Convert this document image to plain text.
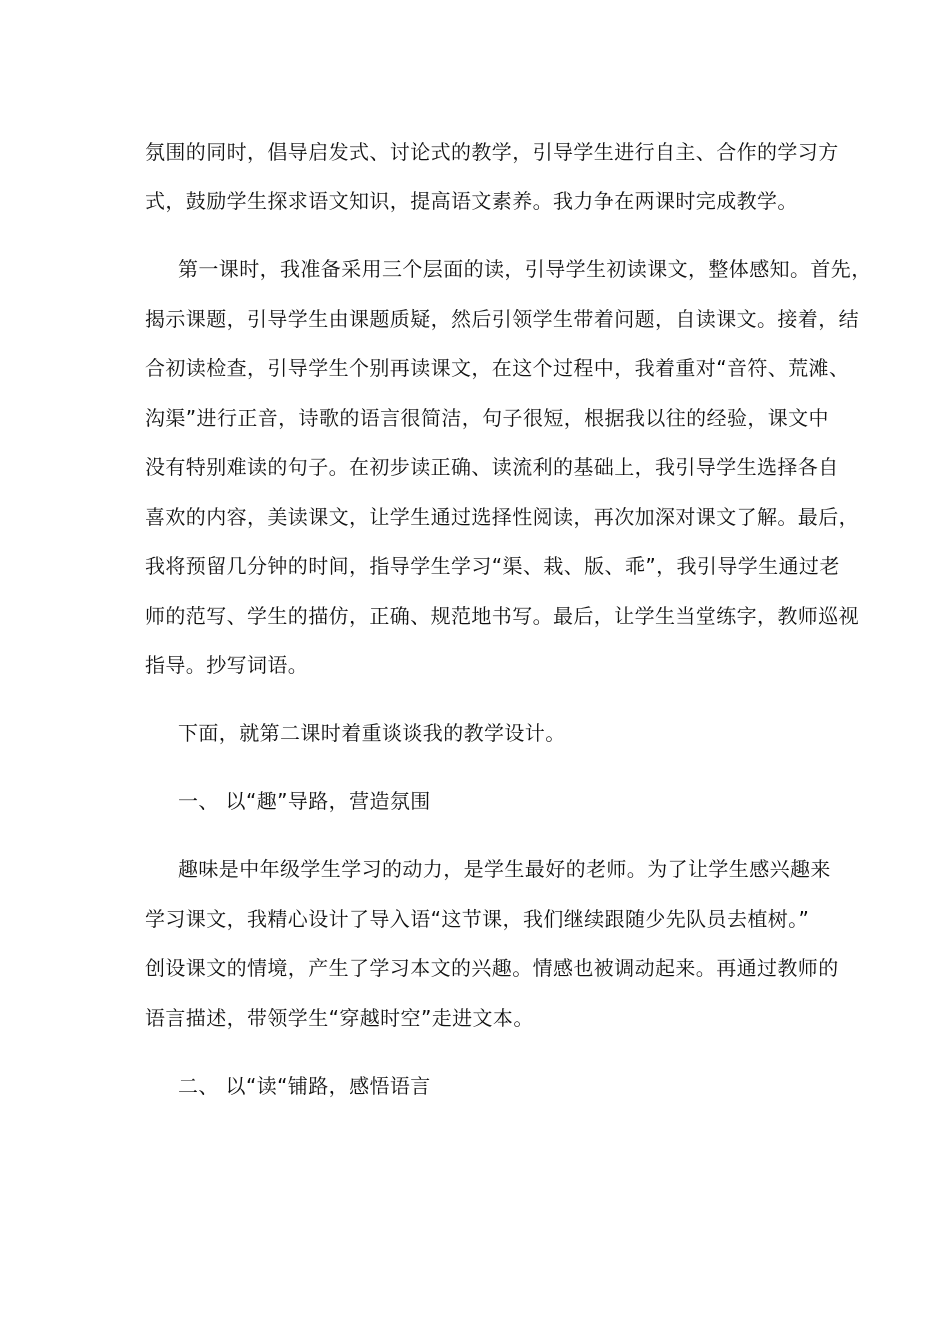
氛围的同时，倡导启发式、讨论式的教学，引导学生进行自主、合作的学习方
式，鼓励学生探求语文知识，提高语文素养。我力争在两课时完成教学。
第一课时，我准备采用三个层面的读，引导学生初读课文，整体感知。首先，
揭示课题，引导学生由课题质疑，然后引领学生带着问题，自读课文。接着，结
合初读检查，引导学生个别再读课文，在这个过程中，我着重对“音符、荒滩、
沟渠”进行正音，诗歌的语言很简洁，句子很短，根据我以往的经验，课文中
没有特别难读的句子。在初步读正确、读流利的基础上，我引导学生选择各自
喜欢的内容，美读课文，让学生通过选择性阅读，再次加深对课文了解。最后，
我将预留几分钟的时间，指导学生学习“渠、栽、版、乖”，我引导学生通过老
师的范写、学生的描仿，正确、规范地书写。最后，让学生当堂练字，教师巡视
指导。抄写词语。
下面，就第二课时着重谈谈我的教学设计。
一、 以“趣”导路，营造氛围
趣味是中年级学生学习的动力，是学生最好的老师。为了让学生感兴趣来
学习课文，我精心设计了导入语“这节课，我们继续跟随少先队员去植树。”
创设课文的情境，产生了学习本文的兴趣。情感也被调动起来。再通过教师的
语言描述，带领学生“穿越时空”走进文本。
二、 以“读“铺路，感悟语言
